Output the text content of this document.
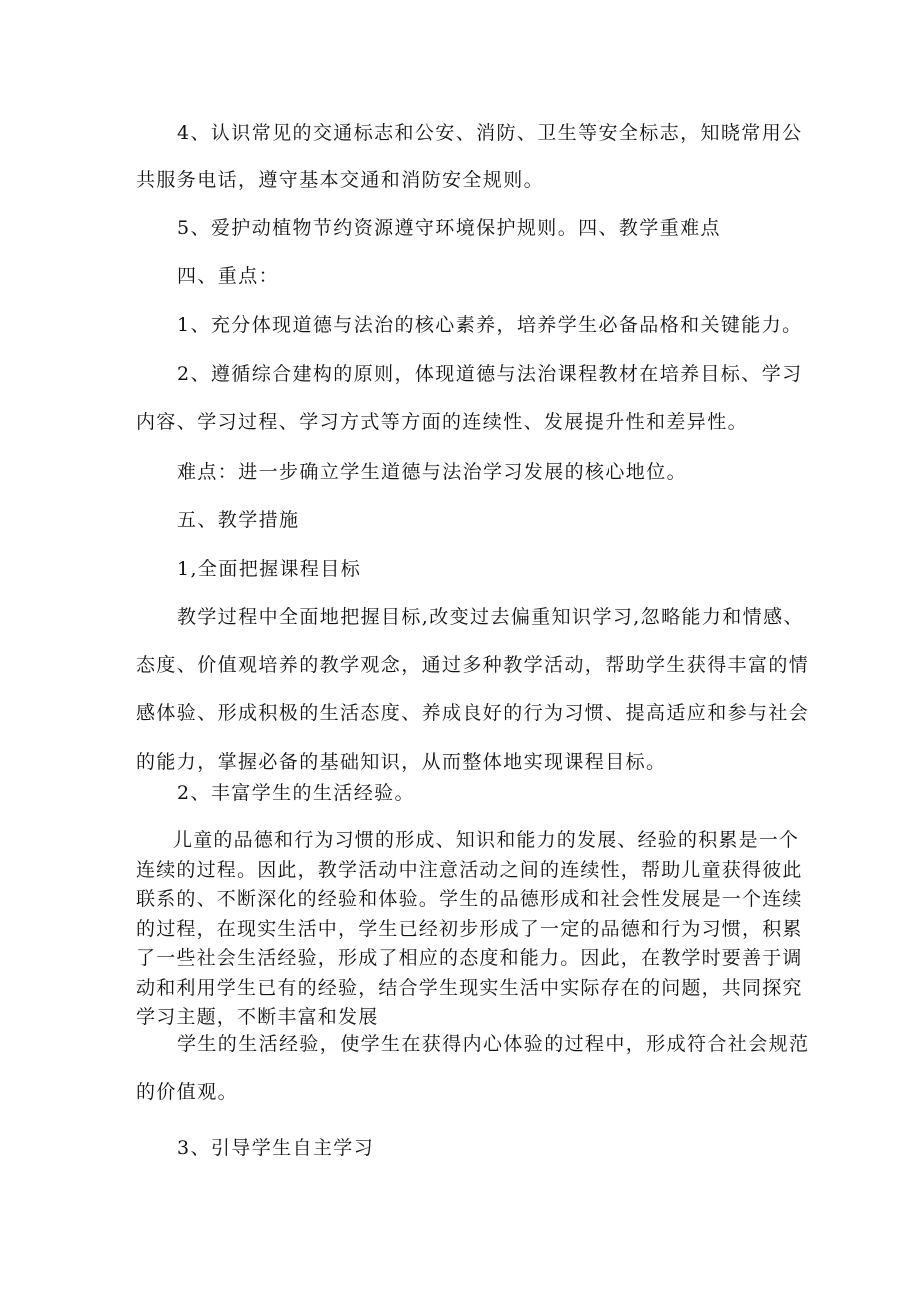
4、认识常见的交通标志和公安、消防、卫生等安全标志，知晓常用公
共服务电话，遵守基本交通和消防安全规则。
5、爱护动植物节约资源遵守环境保护规则。四、教学重难点
四、重点：
1、充分体现道德与法治的核心素养，培养学生必备品格和关键能力。
2、遵循综合建构的原则，体现道德与法治课程教材在培养目标、学习
内容、学习过程、学习方式等方面的连续性、发展提升性和差异性。
难点：进一步确立学生道德与法治学习发展的核心地位。
五、教学措施
1,全面把握课程目标
教学过程中全面地把握目标,改变过去偏重知识学习,忽略能力和情感、
态度、价值观培养的教学观念，通过多种教学活动，帮助学生获得丰富的情
感体验、形成积极的生活态度、养成良好的行为习惯、提高适应和参与社会
的能力，掌握必备的基础知识，从而整体地实现课程目标。
2、丰富学生的生活经验。
儿童的品德和行为习惯的形成、知识和能力的发展、经验的积累是一个
连续的过程。因此，教学活动中注意活动之间的连续性，帮助儿童获得彼此
联系的、不断深化的经验和体验。学生的品德形成和社会性发展是一个连续
的过程，在现实生活中，学生已经初步形成了一定的品德和行为习惯，积累
了一些社会生活经验，形成了相应的态度和能力。因此，在教学时要善于调
动和利用学生已有的经验，结合学生现实生活中实际存在的问题，共同探究
学习主题，不断丰富和发展
学生的生活经验，使学生在获得内心体验的过程中，形成符合社会规范
的价值观。
3、引导学生自主学习
